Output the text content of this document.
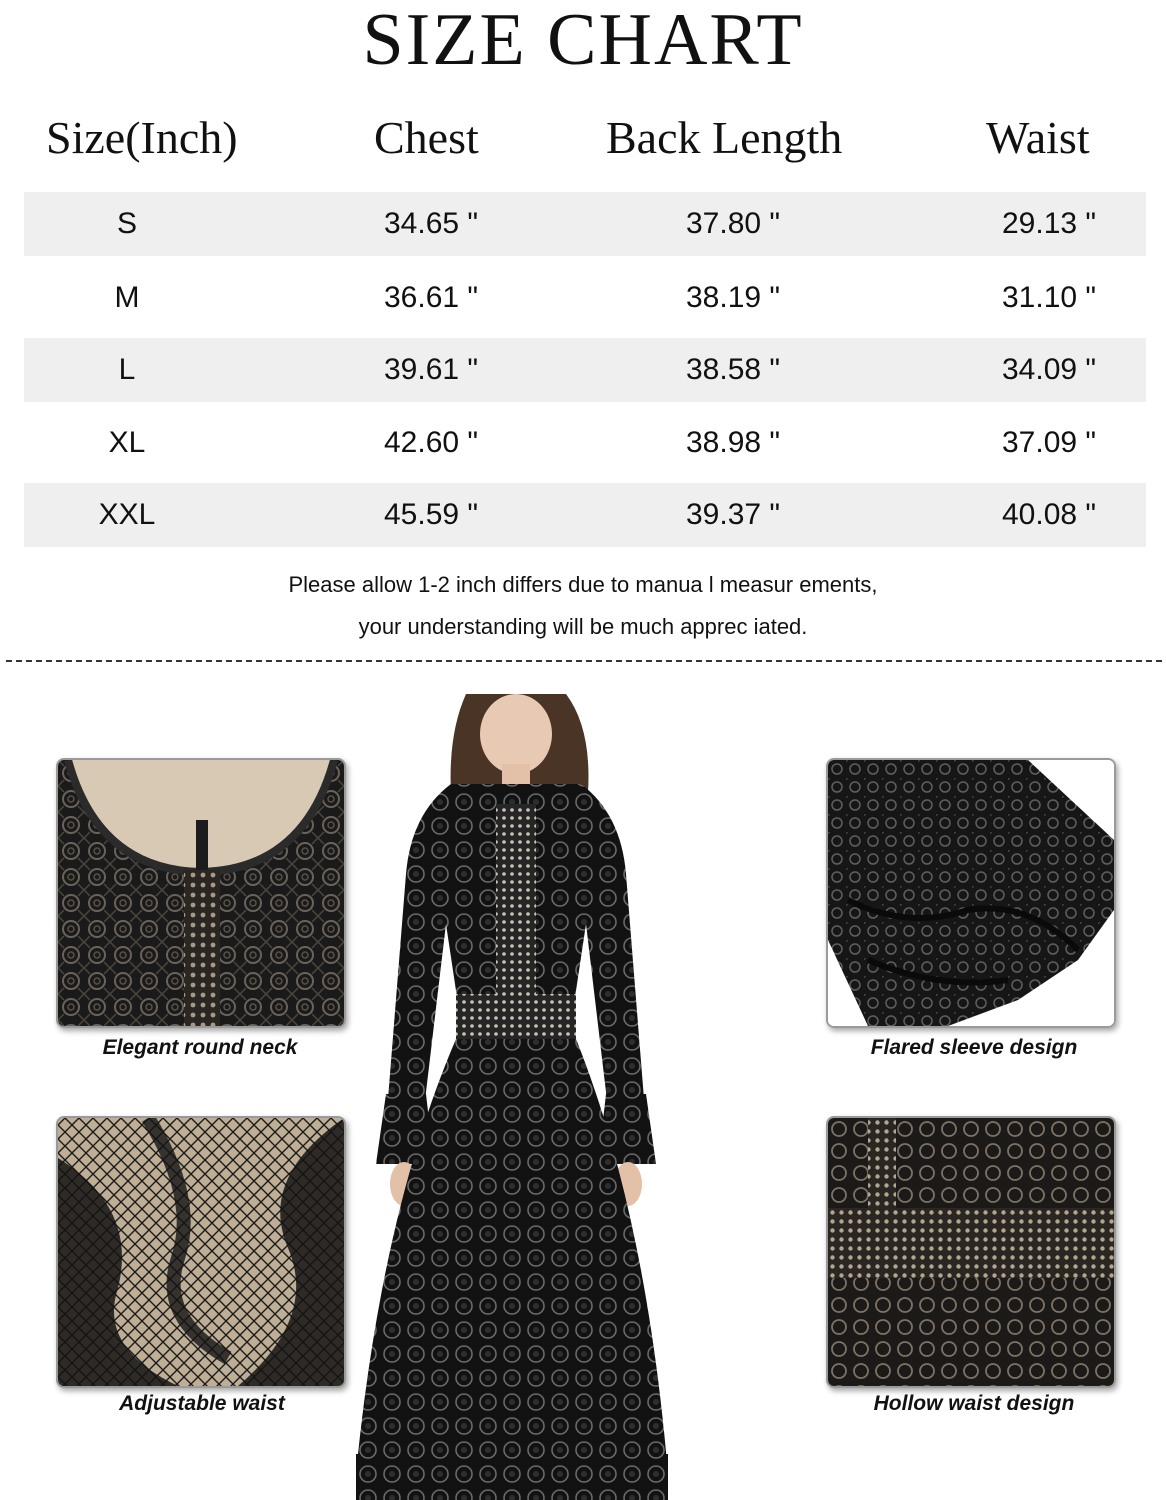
SIZE CHART
Size(Inch)	Chest	Back Length	Waist
S	34.65 "	37.80 "	29.13 "
M	36.61 "	38.19 "	31.10 "
L	39.61 "	38.58 "	34.09 "
XL	42.60 "	38.98 "	37.09 "
XXL	45.59 "	39.37 "	40.08 "
Please allow 1-2 inch differs due to manua l measur ements,
your understanding will be much apprec iated.
Elegant round neck	Flared sleeve design
Adjustable waist	Hollow waist design
